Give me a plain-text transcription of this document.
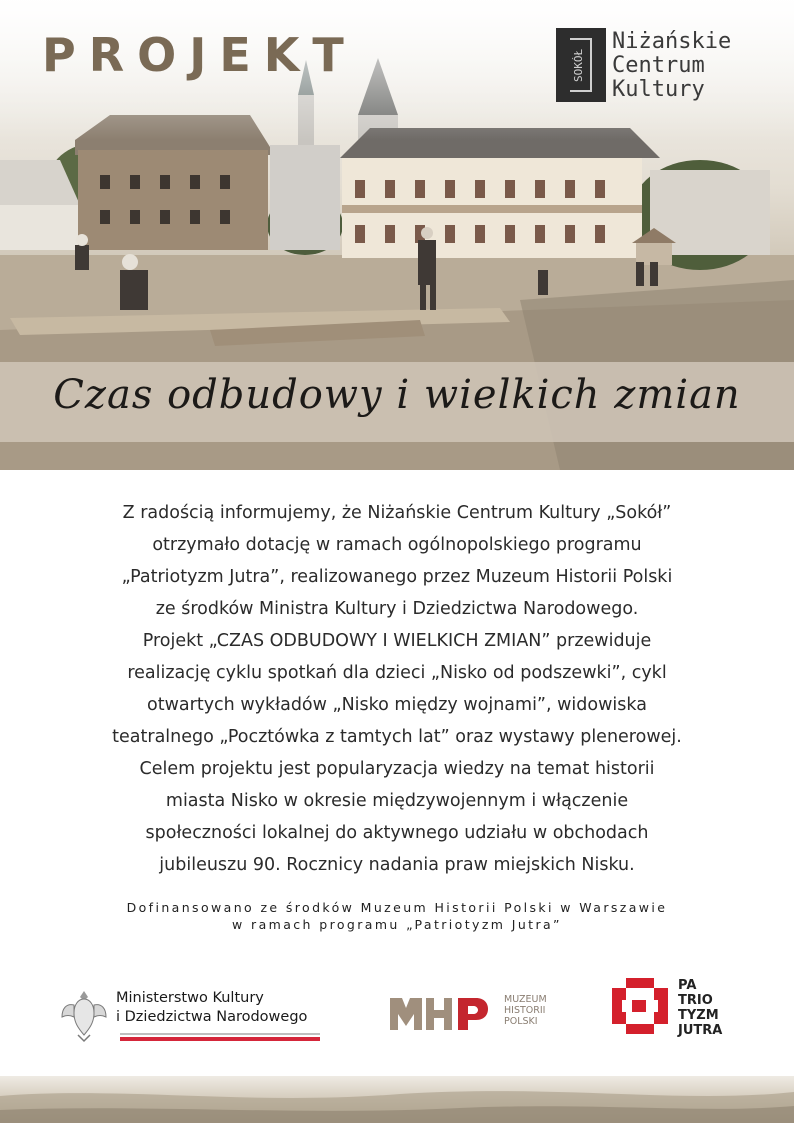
PROJEKT	SOKÓŁ
Niżańskie
Centrum
Kultury
Czas odbudowy i wielkich zmian
Z radością informujemy, że Niżańskie Centrum Kultury „Sokół”
otrzymało dotację w ramach ogólnopolskiego programu
„Patriotyzm Jutra”, realizowanego przez Muzeum Historii Polski
ze środków Ministra Kultury i Dziedzictwa Narodowego.
Projekt „CZAS ODBUDOWY I WIELKICH ZMIAN” przewiduje
realizację cyklu spotkań dla dzieci „Nisko od podszewki”, cykl
otwartych wykładów „Nisko między wojnami”, widowiska
teatralnego „Pocztówka z tamtych lat” oraz wystawy plenerowej.
Celem projektu jest popularyzacja wiedzy na temat historii
miasta Nisko w okresie międzywojennym i włączenie
społeczności lokalnej do aktywnego udziału w obchodach
jubileuszu 90. Rocznicy nadania praw miejskich Nisku.
Dofinansowano ze środków Muzeum Historii Polski w Warszawie
w ramach programu „Patriotyzm Jutra”
Ministerstwo Kultury
i Dziedzictwa Narodowego
MUZEUM
HISTORII
POLSKI
PA
TRIO
TYZM
JUTRA
